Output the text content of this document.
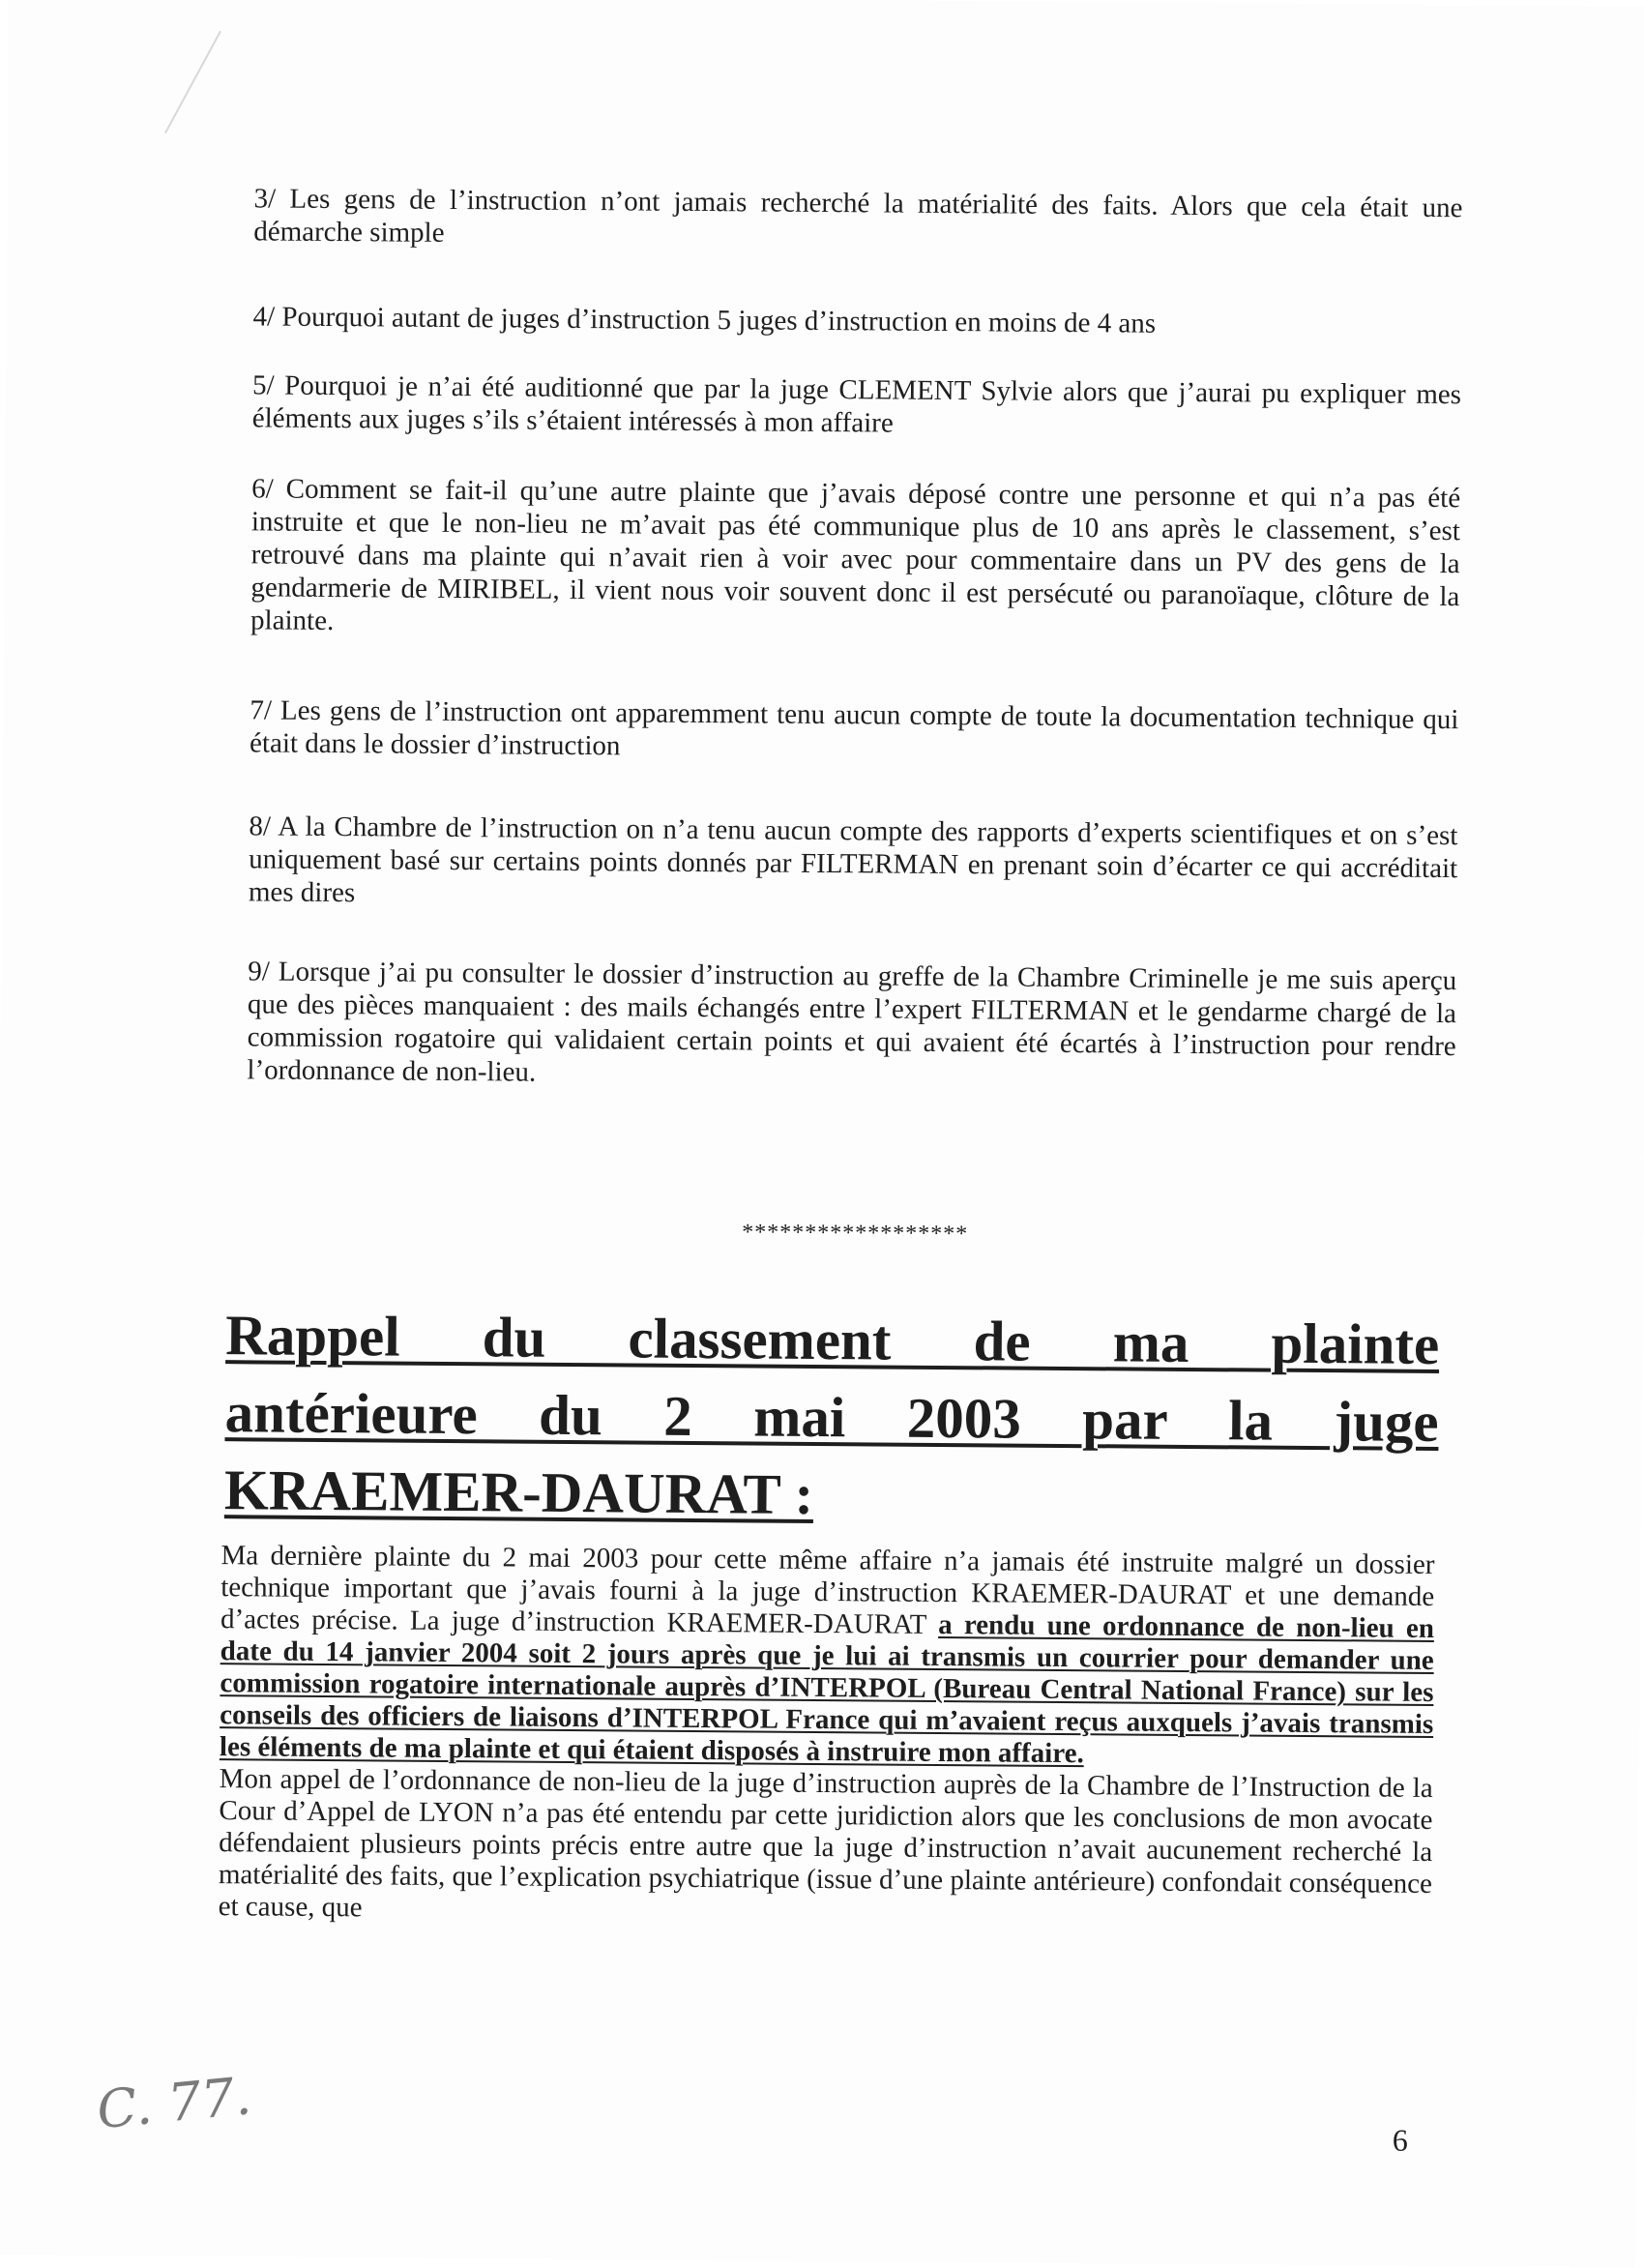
3/ Les gens de l’instruction n’ont jamais recherché la matérialité des faits. Alors que cela était une démarche simple

4/ Pourquoi autant de juges d’instruction 5 juges d’instruction en moins de 4 ans

5/ Pourquoi je n’ai été auditionné que par la juge CLEMENT Sylvie alors que j’aurai pu expliquer mes éléments aux juges s’ils s’étaient intéressés à mon affaire

6/ Comment se fait-il qu’une autre plainte que j’avais déposé contre une personne et qui n’a pas été instruite et que le non-lieu ne m’avait pas été communique plus de 10 ans après le classement, s’est retrouvé dans ma plainte qui n’avait rien à voir avec pour commentaire dans un PV des gens de la gendarmerie de MIRIBEL, il vient nous voir souvent donc il est persécuté ou paranoïaque, clôture de la plainte.

7/ Les gens de l’instruction ont apparemment tenu aucun compte de toute la documentation technique qui était dans le dossier d’instruction

8/ A la Chambre de l’instruction on n’a tenu aucun compte des rapports d’experts scientifiques et on s’est uniquement basé sur certains points donnés par FILTERMAN en prenant soin d’écarter ce qui accréditait mes dires

9/ Lorsque j’ai pu consulter le dossier d’instruction au greffe de la Chambre Criminelle je me suis aperçu que des pièces manquaient : des mails échangés entre l’expert FILTERMAN et le gendarme chargé de la commission rogatoire qui validaient certain points et qui avaient été écartés à l’instruction pour rendre l’ordonnance de non-lieu.

******************
Rappel du classement de ma plainte
antérieure du 2 mai 2003 par la juge
KRAEMER-DAURAT :
Ma dernière plainte du 2 mai 2003 pour cette même affaire n’a jamais été instruite malgré un dossier technique important que j’avais fourni à la juge d’instruction KRAEMER-DAURAT et une demande d’actes précise. La juge d’instruction KRAEMER-DAURAT a rendu une ordonnance de non-lieu en date du 14 janvier 2004 soit 2 jours après que je lui ai transmis un courrier pour demander une commission rogatoire internationale auprès d’INTERPOL (Bureau Central National France) sur les conseils des officiers de liaisons d’INTERPOL France qui m’avaient reçus auxquels j’avais transmis les éléments de ma plainte et qui étaient disposés à instruire mon affaire.
Mon appel de l’ordonnance de non-lieu de la juge d’instruction auprès de la Chambre de l’Instruction de la Cour d’Appel de LYON n’a pas été entendu par cette juridiction alors que les conclusions de mon avocate défendaient plusieurs points précis entre autre que la juge d’instruction n’avait aucunement recherché la matérialité des faits, que l’explication psychiatrique (issue d’une plainte antérieure) confondait conséquence et cause, que
C. 77.	6
